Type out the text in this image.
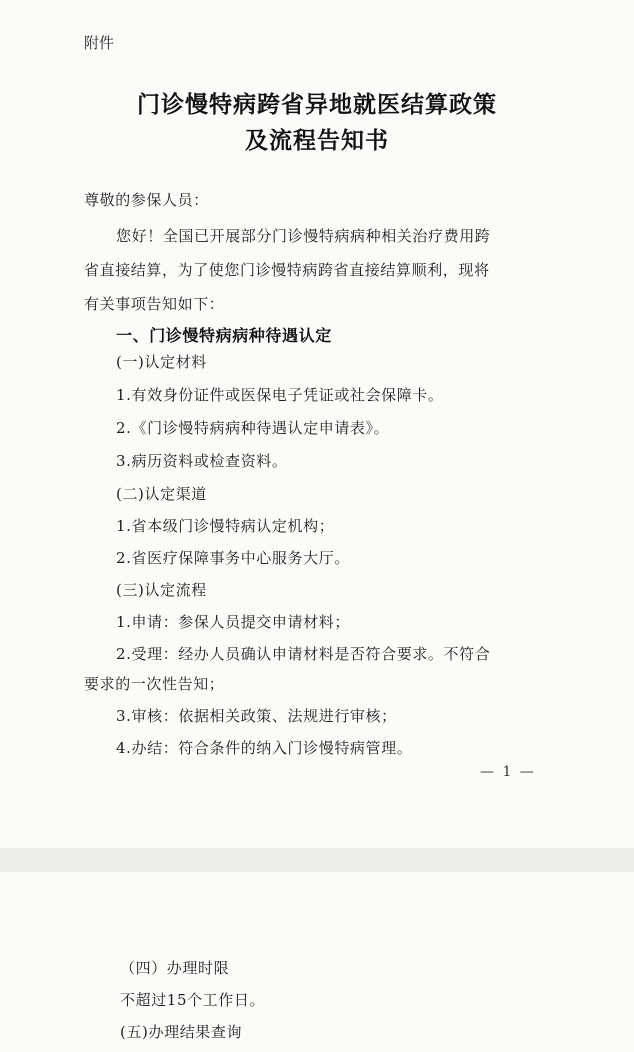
附件
门诊慢特病跨省异地就医结算政策
及流程告知书
尊敬的参保人员：
您好！全国已开展部分门诊慢特病病种相关治疗费用跨
省直接结算，为了使您门诊慢特病跨省直接结算顺利，现将
有关事项告知如下：
一、门诊慢特病病种待遇认定
(一)认定材料
1.有效身份证件或医保电子凭证或社会保障卡。
2.《门诊慢特病病种待遇认定申请表》。
3.病历资料或检查资料。
(二)认定渠道
1.省本级门诊慢特病认定机构；
2.省医疗保障事务中心服务大厅。
(三)认定流程
1.申请：参保人员提交申请材料；
2.受理：经办人员确认申请材料是否符合要求。不符合
要求的一次性告知；
3.审核：依据相关政策、法规进行审核；
4.办结：符合条件的纳入门诊慢特病管理。
— 1 —
（四）办理时限
不超过15个工作日。
(五)办理结果查询
